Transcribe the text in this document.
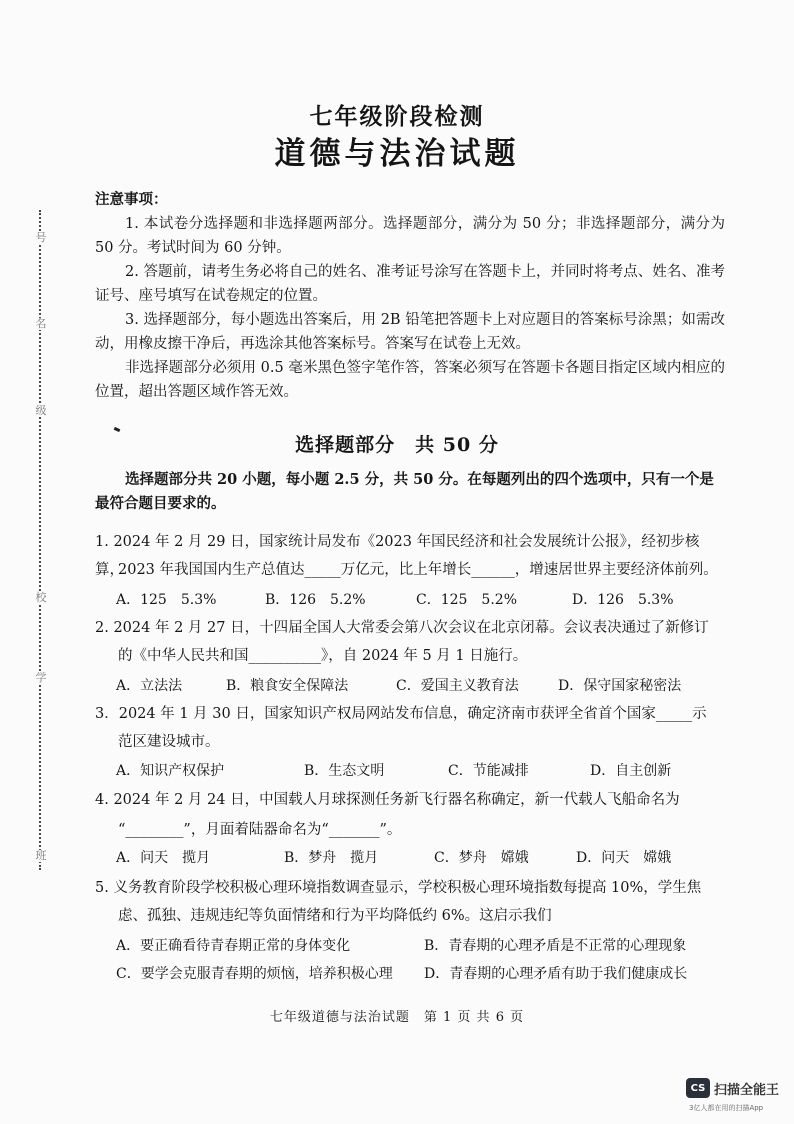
号
名
级
校
学
班
七年级阶段检测
道德与法治试题
注意事项：

1. 本试卷分选择题和非选择题两部分。选择题部分，满分为 50 分；非选择题部分，满分为 50 分。考试时间为 60 分钟。

2. 答题前，请考生务必将自己的姓名、准考证号涂写在答题卡上，并同时将考点、姓名、准考证号、座号填写在试卷规定的位置。

3. 选择题部分，每小题选出答案后，用 2B 铅笔把答题卡上对应题目的答案标号涂黑；如需改动，用橡皮擦干净后，再选涂其他答案标号。答案写在试卷上无效。

非选择题部分必须用 0.5 毫米黑色签字笔作答，答案必须写在答题卡各题目指定区域内相应的位置，超出答题区域作答无效。

选择题部分　共 50 分

选择题部分共 20 小题，每小题 2.5 分，共 50 分。在每题列出的四个选项中，只有一个是最符合题目要求的。

1. 2024 年 2 月 29 日，国家统计局发布《2023 年国民经济和社会发展统计公报》，经初步核算，

2023 年我国国内生产总值达_____万亿元，比上年增长______，增速居世界主要经济体前列。

A．125　5.3%	B．126　5.2%	C．125　5.2%	D．126　5.3%

2. 2024 年 2 月 27 日，十四届全国人大常委会第八次会议在北京闭幕。会议表决通过了新修订

的《中华人民共和国__________》，自 2024 年 5 月 1 日施行。

A．立法法	B．粮食安全保障法	C．爱国主义教育法	D．保守国家秘密法

3．2024 年 1 月 30 日，国家知识产权局网站发布信息，确定济南市获评全省首个国家_____示

范区建设城市。

A．知识产权保护	B．生态文明	C．节能减排	D．自主创新

4. 2024 年 2 月 24 日，中国载人月球探测任务新飞行器名称确定，新一代载人飞船命名为

“________”，月面着陆器命名为“_______”。

A．问天　揽月	B．梦舟　揽月	C．梦舟　嫦娥	D．问天　嫦娥

5. 义务教育阶段学校积极心理环境指数调查显示，学校积极心理环境指数每提高 10%，学生焦

虑、孤独、违规违纪等负面情绪和行为平均降低约 6%。这启示我们

A．要正确看待青春期正常的身体变化	B．青春期的心理矛盾是不正常的心理现象
C．要学会克服青春期的烦恼，培养积极心理 D．青春期的心理矛盾有助于我们健康成长
七年级道德与法治试题　第 1 页 共 6 页
CS 扫描全能王
3亿人都在用的扫描App
